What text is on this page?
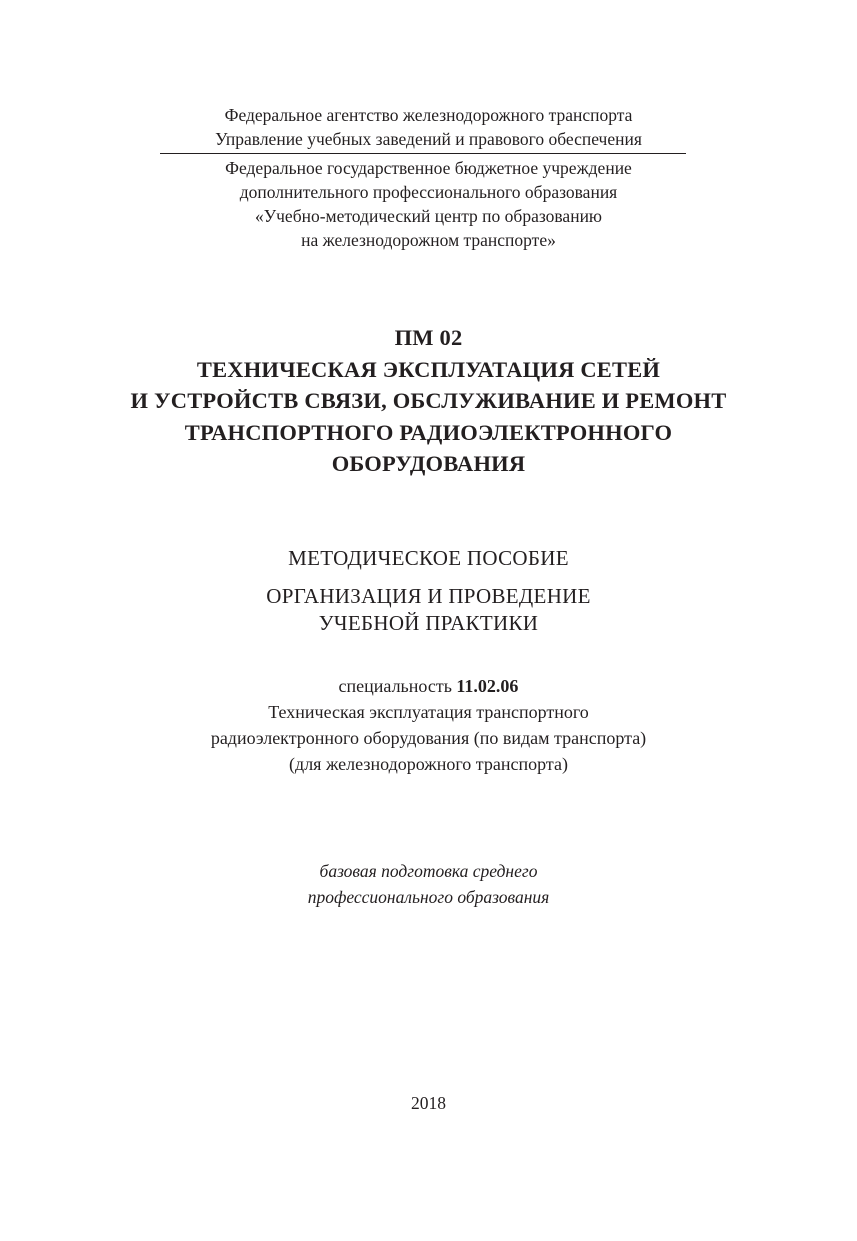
Федеральное агентство железнодорожного транспорта
Управление учебных заведений и правового обеспечения
Федеральное государственное бюджетное учреждение
дополнительного профессионального образования
«Учебно-методический центр по образованию
на железнодорожном транспорте»
ПМ 02
ТЕХНИЧЕСКАЯ ЭКСПЛУАТАЦИЯ СЕТЕЙ
И УСТРОЙСТВ СВЯЗИ, ОБСЛУЖИВАНИЕ И РЕМОНТ
ТРАНСПОРТНОГО РАДИОЭЛЕКТРОННОГО
ОБОРУДОВАНИЯ
МЕТОДИЧЕСКОЕ ПОСОБИЕ
ОРГАНИЗАЦИЯ И ПРОВЕДЕНИЕ
УЧЕБНОЙ ПРАКТИКИ
специальность 11.02.06
Техническая эксплуатация транспортного
радиоэлектронного оборудования (по видам транспорта)
(для железнодорожного транспорта)
базовая подготовка среднего
профессионального образования
2018
